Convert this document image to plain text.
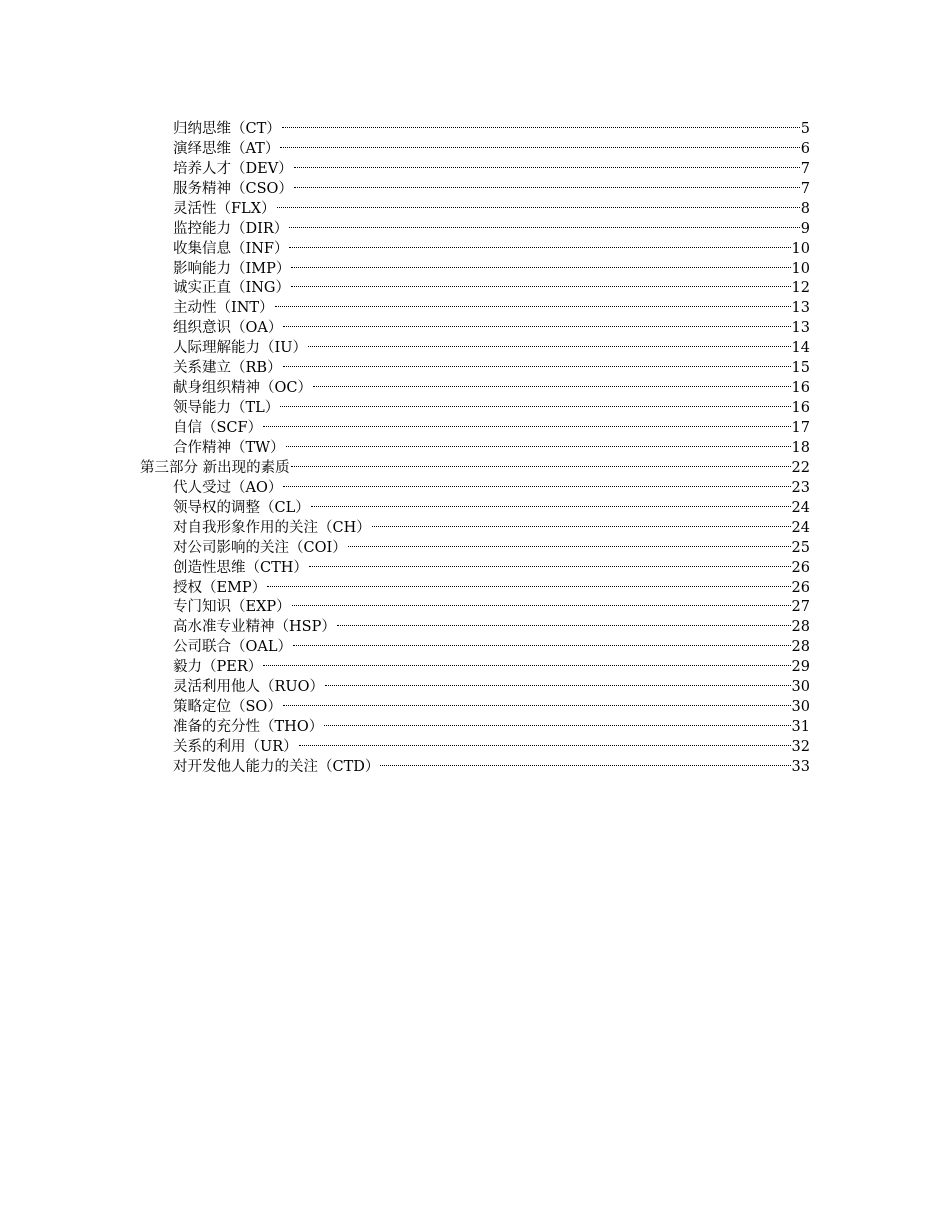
归纳思维（CT）	5
演绎思维（AT）	6
培养人才（DEV）	7
服务精神（CSO）	7
灵活性（FLX）	8
监控能力（DIR）	9
收集信息（INF）	10
影响能力（IMP）	10
诚实正直（ING）	12
主动性（INT）	13
组织意识（OA）	13
人际理解能力（IU）	14
关系建立（RB）	15
献身组织精神（OC）	16
领导能力（TL）	16
自信（SCF）	17
合作精神（TW）	18
第三部分 新出现的素质	22
代人受过（AO）	23
领导权的调整（CL）	24
对自我形象作用的关注（CH）	24
对公司影响的关注（COI）	25
创造性思维（CTH）	26
授权（EMP）	26
专门知识（EXP）	27
高水准专业精神（HSP）	28
公司联合（OAL）	28
毅力（PER）	29
灵活利用他人（RUO）	30
策略定位（SO）	30
准备的充分性（THO）	31
关系的利用（UR）	32
对开发他人能力的关注（CTD）	33
